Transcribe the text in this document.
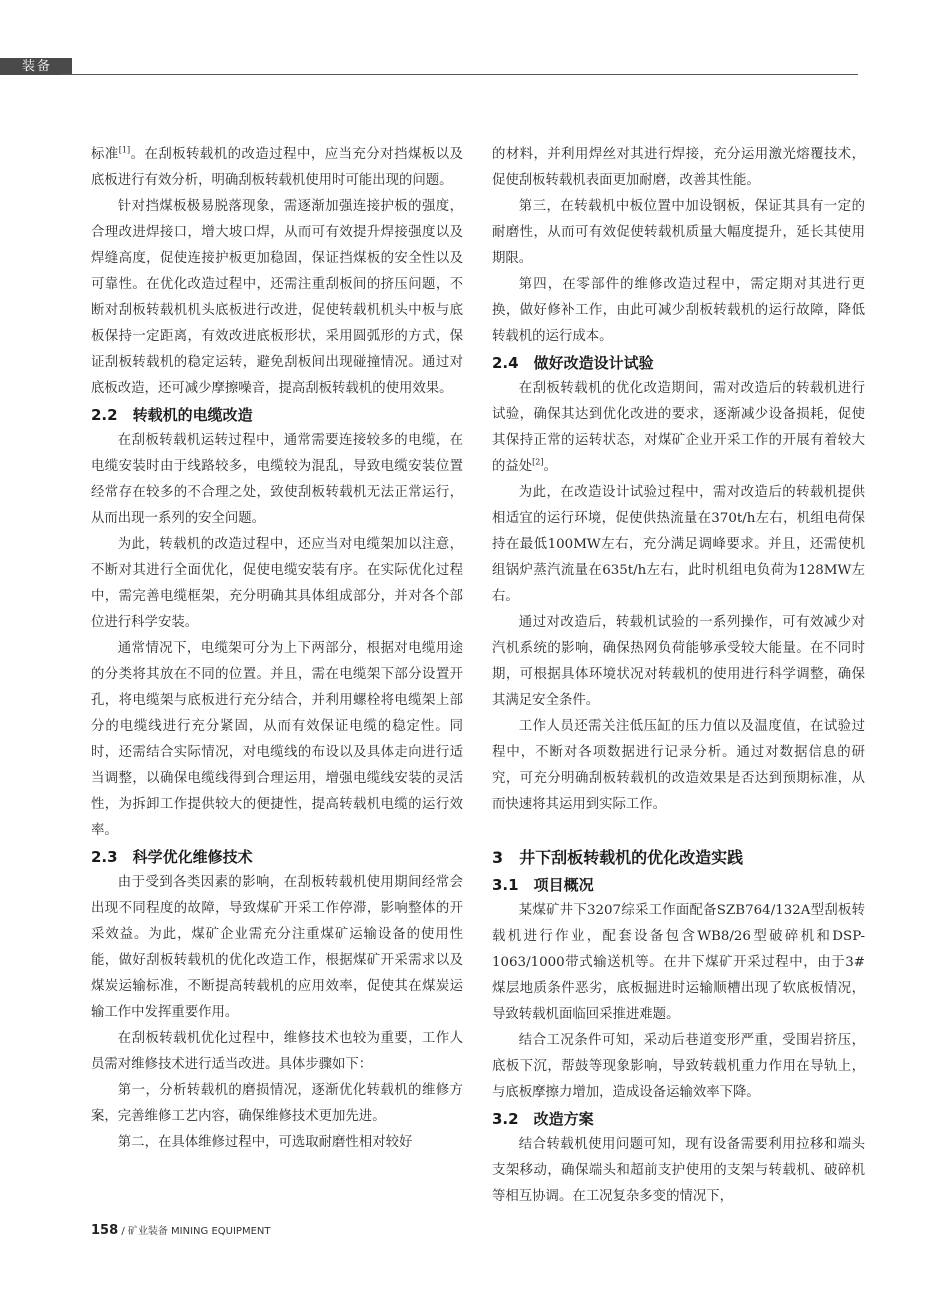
装备

标准[1]。在刮板转载机的改造过程中，应当充分对挡煤板以及底板进行有效分析，明确刮板转载机使用时可能出现的问题。

针对挡煤板极易脱落现象，需逐渐加强连接护板的强度，合理改进焊接口，增大坡口焊，从而可有效提升焊接强度以及焊缝高度，促使连接护板更加稳固，保证挡煤板的安全性以及可靠性。在优化改造过程中，还需注重刮板间的挤压问题，不断对刮板转载机机头底板进行改进，促使转载机机头中板与底板保持一定距离，有效改进底板形状，采用圆弧形的方式，保证刮板转载机的稳定运转，避免刮板间出现碰撞情况。通过对底板改造，还可减少摩擦噪音，提高刮板转载机的使用效果。

2.2　转载机的电缆改造

在刮板转载机运转过程中，通常需要连接较多的电缆，在电缆安装时由于线路较多，电缆较为混乱，导致电缆安装位置经常存在较多的不合理之处，致使刮板转载机无法正常运行，从而出现一系列的安全问题。

为此，转载机的改造过程中，还应当对电缆架加以注意，不断对其进行全面优化，促使电缆安装有序。在实际优化过程中，需完善电缆框架，充分明确其具体组成部分，并对各个部位进行科学安装。

通常情况下，电缆架可分为上下两部分，根据对电缆用途的分类将其放在不同的位置。并且，需在电缆架下部分设置开孔，将电缆架与底板进行充分结合，并利用螺栓将电缆架上部分的电缆线进行充分紧固，从而有效保证电缆的稳定性。同时，还需结合实际情况，对电缆线的布设以及具体走向进行适当调整，以确保电缆线得到合理运用，增强电缆线安装的灵活性，为拆卸工作提供较大的便捷性，提高转载机电缆的运行效率。

2.3　科学优化维修技术

由于受到各类因素的影响，在刮板转载机使用期间经常会出现不同程度的故障，导致煤矿开采工作停滞，影响整体的开采效益。为此，煤矿企业需充分注重煤矿运输设备的使用性能，做好刮板转载机的优化改造工作，根据煤矿开采需求以及煤炭运输标准，不断提高转载机的应用效率，促使其在煤炭运输工作中发挥重要作用。

在刮板转载机优化过程中，维修技术也较为重要，工作人员需对维修技术进行适当改进。具体步骤如下：

第一，分析转载机的磨损情况，逐渐优化转载机的维修方案，完善维修工艺内容，确保维修技术更加先进。

第二，在具体维修过程中，可选取耐磨性相对较好

的材料，并利用焊丝对其进行焊接，充分运用激光熔覆技术，促使刮板转载机表面更加耐磨，改善其性能。

第三，在转载机中板位置中加设钢板，保证其具有一定的耐磨性，从而可有效促使转载机质量大幅度提升，延长其使用期限。

第四，在零部件的维修改造过程中，需定期对其进行更换，做好修补工作，由此可减少刮板转载机的运行故障，降低转载机的运行成本。

2.4　做好改造设计试验

在刮板转载机的优化改造期间，需对改造后的转载机进行试验，确保其达到优化改进的要求，逐渐减少设备损耗，促使其保持正常的运转状态，对煤矿企业开采工作的开展有着较大的益处[2]。

为此，在改造设计试验过程中，需对改造后的转载机提供相适宜的运行环境，促使供热流量在370t/h左右，机组电荷保持在最低100MW左右，充分满足调峰要求。并且，还需使机组锅炉蒸汽流量在635t/h左右，此时机组电负荷为128MW左右。

通过对改造后，转载机试验的一系列操作，可有效减少对汽机系统的影响，确保热网负荷能够承受较大能量。在不同时期，可根据具体环境状况对转载机的使用进行科学调整，确保其满足安全条件。

工作人员还需关注低压缸的压力值以及温度值，在试验过程中，不断对各项数据进行记录分析。通过对数据信息的研究，可充分明确刮板转载机的改造效果是否达到预期标准，从而快速将其运用到实际工作。

3　井下刮板转载机的优化改造实践
3.1　项目概况

某煤矿井下3207综采工作面配备SZB764/132A型刮板转载机进行作业，配套设备包含WB8/26型破碎机和DSP-1063/1000带式输送机等。在井下煤矿开采过程中，由于3#煤层地质条件恶劣，底板掘进时运输顺槽出现了软底板情况，导致转载机面临回采推进难题。

结合工况条件可知，采动后巷道变形严重，受围岩挤压，底板下沉，帮鼓等现象影响，导致转载机重力作用在导轨上，与底板摩擦力增加，造成设备运输效率下降。

3.2　改造方案

结合转载机使用问题可知，现有设备需要利用拉移和端头支架移动，确保端头和超前支护使用的支架与转载机、破碎机等相互协调。在工况复杂多变的情况下，

158 / 矿业装备 MINING EQUIPMENT
